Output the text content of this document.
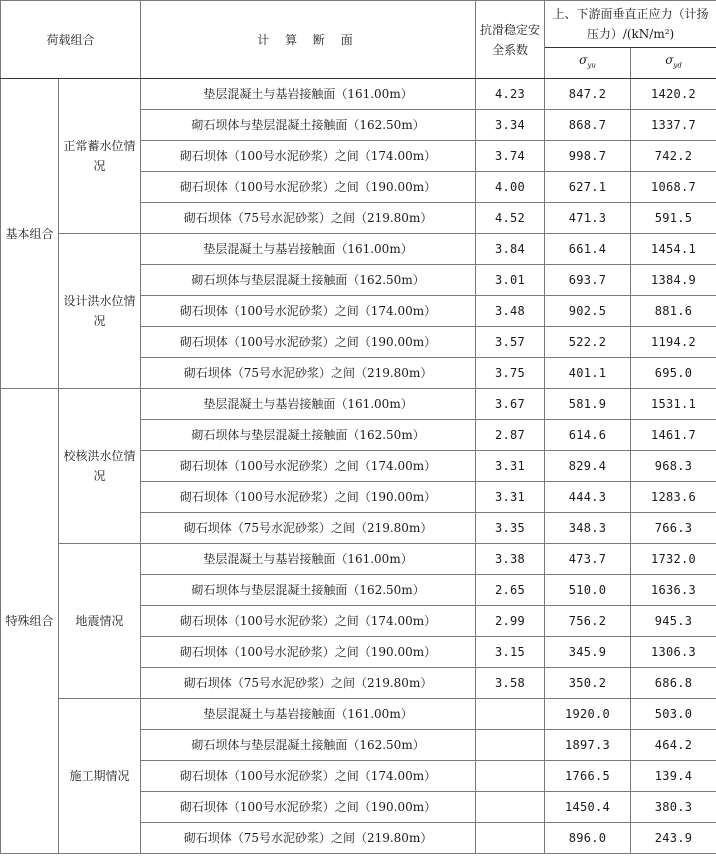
荷载组合		计 算 断 面	抗滑稳定安全系数	上、下游面垂直正应力（计扬压力）/(kN/m²)	
				$\sigma_{yu}$	$\sigma_{yd}$
基本组合	正常蓄水位情况	垫层混凝土与基岩接触面（161.00m）	4.23	847.2	1420.2
		砌石坝体与垫层混凝土接触面（162.50m）	3.34	868.7	1337.7
		砌石坝体（100号水泥砂浆）之间（174.00m）	3.74	998.7	742.2
		砌石坝体（100号水泥砂浆）之间（190.00m）	4.00	627.1	1068.7
		砌石坝体（75号水泥砂浆）之间（219.80m）	4.52	471.3	591.5
	设计洪水位情况	垫层混凝土与基岩接触面（161.00m）	3.84	661.4	1454.1
		砌石坝体与垫层混凝土接触面（162.50m）	3.01	693.7	1384.9
		砌石坝体（100号水泥砂浆）之间（174.00m）	3.48	902.5	881.6
		砌石坝体（100号水泥砂浆）之间（190.00m）	3.57	522.2	1194.2
		砌石坝体（75号水泥砂浆）之间（219.80m）	3.75	401.1	695.0
特殊组合	校核洪水位情况	垫层混凝土与基岩接触面（161.00m）	3.67	581.9	1531.1
		砌石坝体与垫层混凝土接触面（162.50m）	2.87	614.6	1461.7
		砌石坝体（100号水泥砂浆）之间（174.00m）	3.31	829.4	968.3
		砌石坝体（100号水泥砂浆）之间（190.00m）	3.31	444.3	1283.6
		砌石坝体（75号水泥砂浆）之间（219.80m）	3.35	348.3	766.3
	地震情况	垫层混凝土与基岩接触面（161.00m）	3.38	473.7	1732.0
		砌石坝体与垫层混凝土接触面（162.50m）	2.65	510.0	1636.3
		砌石坝体（100号水泥砂浆）之间（174.00m）	2.99	756.2	945.3
		砌石坝体（100号水泥砂浆）之间（190.00m）	3.15	345.9	1306.3
		砌石坝体（75号水泥砂浆）之间（219.80m）	3.58	350.2	686.8
	施工期情况	垫层混凝土与基岩接触面（161.00m）		1920.0	503.0
		砌石坝体与垫层混凝土接触面（162.50m）		1897.3	464.2
		砌石坝体（100号水泥砂浆）之间（174.00m）		1766.5	139.4
		砌石坝体（100号水泥砂浆）之间（190.00m）		1450.4	380.3
		砌石坝体（75号水泥砂浆）之间（219.80m）		896.0	243.9
